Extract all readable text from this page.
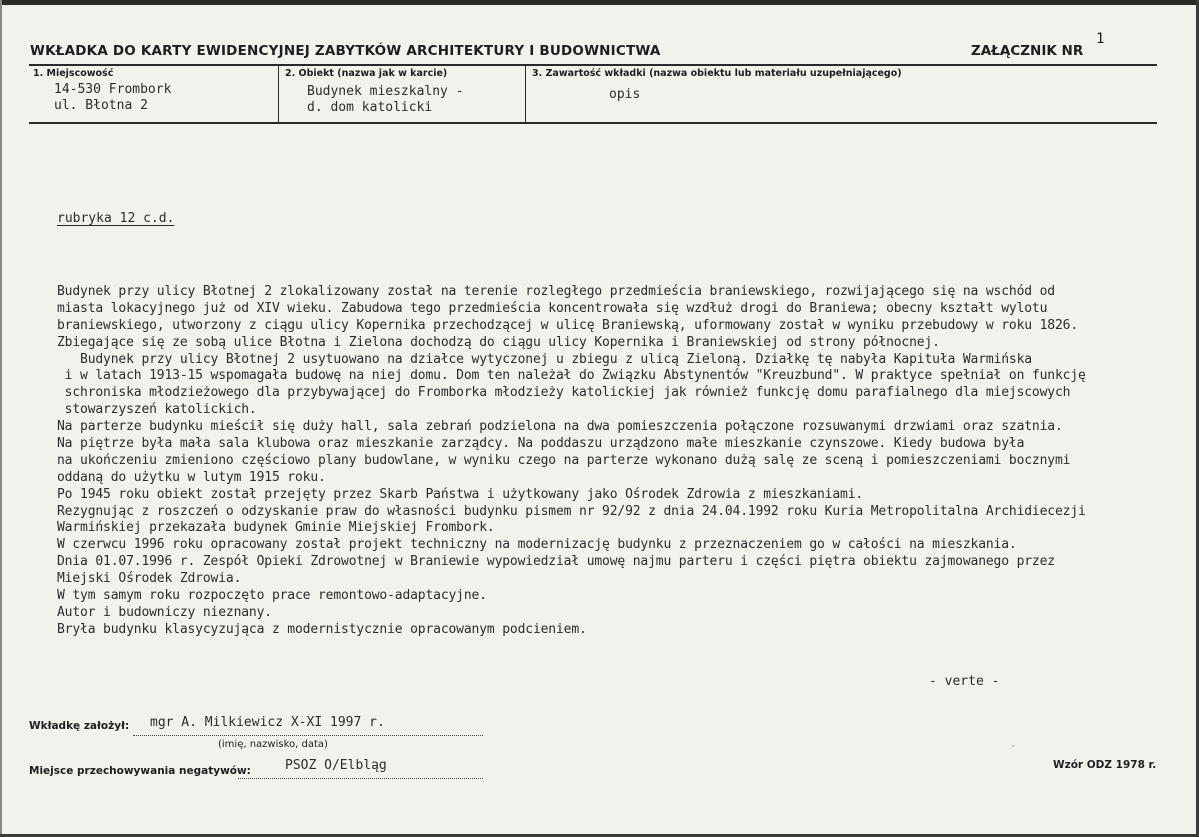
WKŁADKA DO KARTY EWIDENCYJNEJ ZABYTKÓW ARCHITEKTURY I BUDOWNICTWA	ZAŁĄCZNIK NR
1
1. Miejscowość
14-530 Frombork
ul. Błotna 2
2. Obiekt (nazwa jak w karcie)
Budynek mieszkalny -
d. dom katolicki
3. Zawartość wkładki (nazwa obiektu lub materiału uzupełniającego)
opis
rubryka 12 c.d.
Budynek przy ulicy Błotnej 2 zlokalizowany został na terenie rozległego przedmieścia braniewskiego, rozwijającego się na wschód od
miasta lokacyjnego już od XIV wieku. Zabudowa tego przedmieścia koncentrowała się wzdłuż drogi do Braniewa; obecny kształt wylotu
braniewskiego, utworzony z ciągu ulicy Kopernika przechodzącej w ulicę Braniewską, uformowany został w wyniku przebudowy w roku 1826.
Zbiegające się ze sobą ulice Błotna i Zielona dochodzą do ciągu ulicy Kopernika i Braniewskiej od strony północnej.
Budynek przy ulicy Błotnej 2 usytuowano na działce wytyczonej u zbiegu z ulicą Zieloną. Działkę tę nabyła Kapituła Warmińska
i w latach 1913-15 wspomagała budowę na niej domu. Dom ten należał do Związku Abstynentów "Kreuzbund". W praktyce spełniał on funkcję
schroniska młodzieżowego dla przybywającej do Fromborka młodzieży katolickiej jak również funkcję domu parafialnego dla miejscowych
stowarzyszeń katolickich.
Na parterze budynku mieścił się duży hall, sala zebrań podzielona na dwa pomieszczenia połączone rozsuwanymi drzwiami oraz szatnia.
Na piętrze była mała sala klubowa oraz mieszkanie zarządcy. Na poddaszu urządzono małe mieszkanie czynszowe. Kiedy budowa była
na ukończeniu zmieniono częściowo plany budowlane, w wyniku czego na parterze wykonano dużą salę ze sceną i pomieszczeniami bocznymi
oddaną do użytku w lutym 1915 roku.
Po 1945 roku obiekt został przejęty przez Skarb Państwa i użytkowany jako Ośrodek Zdrowia z mieszkaniami.
Rezygnując z roszczeń o odzyskanie praw do własności budynku pismem nr 92/92 z dnia 24.04.1992 roku Kuria Metropolitalna Archidiecezji
Warmińskiej przekazała budynek Gminie Miejskiej Frombork.
W czerwcu 1996 roku opracowany został projekt techniczny na modernizację budynku z przeznaczeniem go w całości na mieszkania.
Dnia 01.07.1996 r. Zespół Opieki Zdrowotnej w Braniewie wypowiedział umowę najmu parteru i części piętra obiektu zajmowanego przez
Miejski Ośrodek Zdrowia.
W tym samym roku rozpoczęto prace remontowo-adaptacyjne.
Autor i budowniczy nieznany.
Bryła budynku klasycyzująca z modernistycznie opracowanym podcieniem.
- verte -
Wkładkę założył: mgr A. Milkiewicz X-XI 1997 r.
(imię, nazwisko, data)
Miejsce przechowywania negatywów:	PSOZ O/Elbląg
′
Wzór ODZ 1978 r.
